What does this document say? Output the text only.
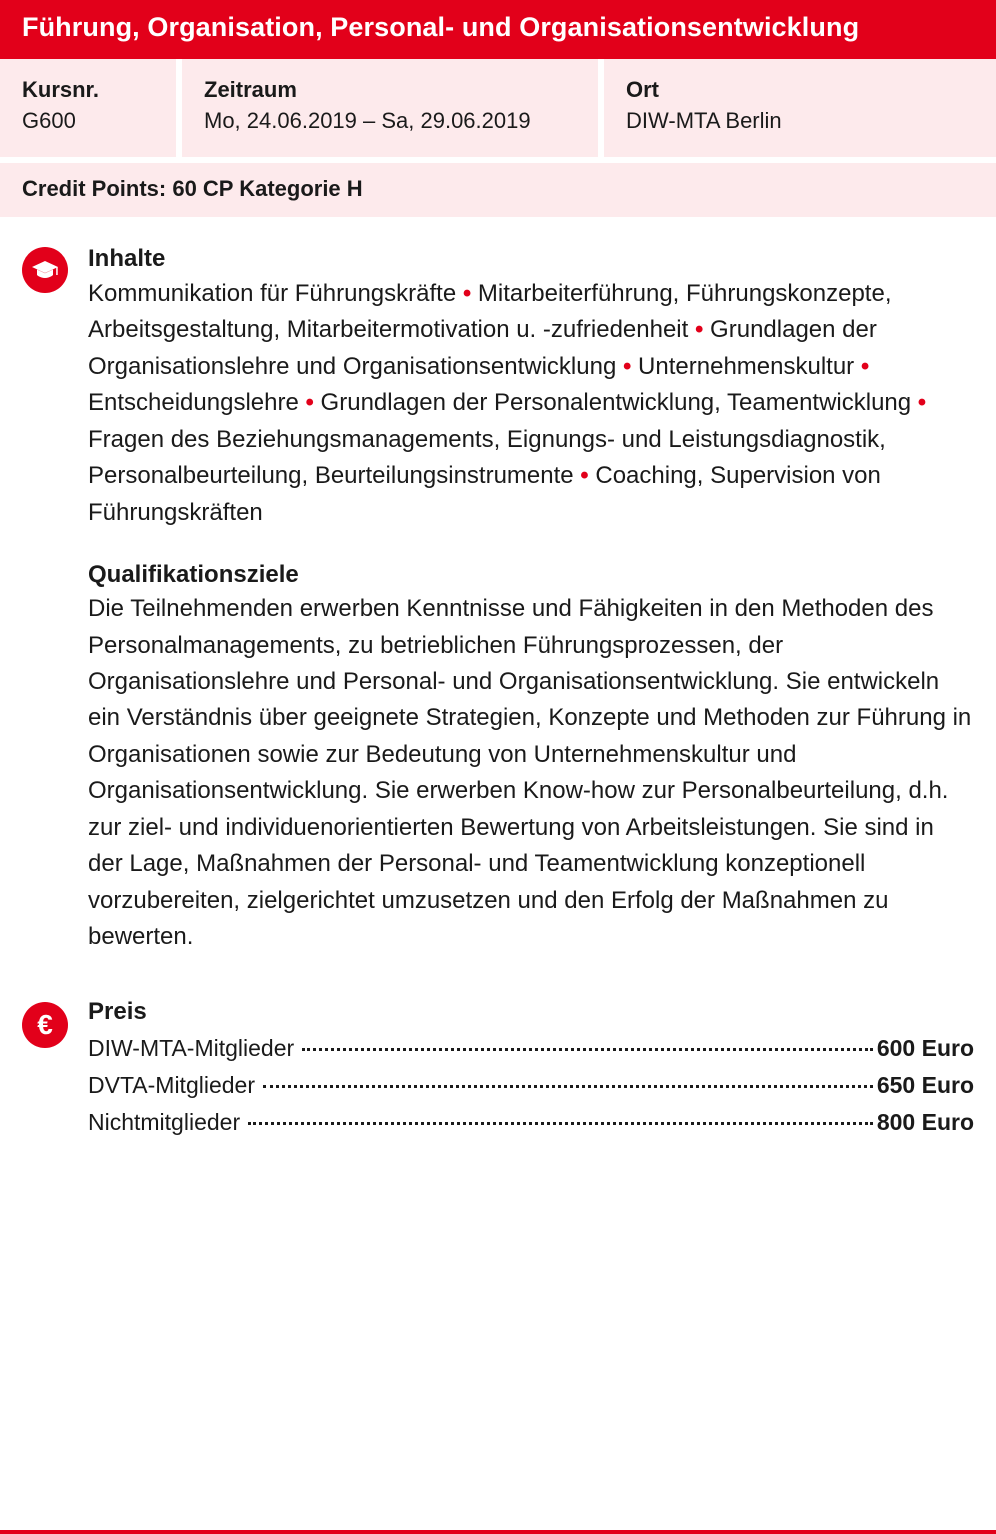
Führung, Organisation, Personal- und Organisationsentwicklung
Kursnr.
G600
Zeitraum
Mo, 24.06.2019 – Sa, 29.06.2019
Ort
DIW-MTA Berlin
Credit Points: 60 CP Kategorie H
Inhalte
Kommunikation für Führungskräfte • Mitarbeiterführung, Führungskonzepte, Arbeitsgestaltung, Mitarbeitermotivation u. -zufriedenheit • Grundlagen der Organisationslehre und Organisationsentwicklung • Unternehmenskultur • Entscheidungslehre • Grundlagen der Personalentwicklung, Teamentwicklung • Fragen des Beziehungsmanagements, Eignungs- und Leistungsdiagnostik, Personalbeurteilung, Beurteilungsinstrumente • Coaching, Supervision von Führungskräften
Qualifikationsziele
Die Teilnehmenden erwerben Kenntnisse und Fähigkeiten in den Methoden des Personalmanagements, zu betrieblichen Führungsprozessen, der Organisationslehre und Personal- und Organisationsentwicklung. Sie entwickeln ein Verständnis über geeignete Strategien, Konzepte und Methoden zur Führung in Organisationen sowie zur Bedeutung von Unternehmenskultur und Organisationsentwicklung. Sie erwerben Know-how zur Personalbeurteilung, d.h. zur ziel- und individuenorientierten Bewertung von Arbeitsleistungen. Sie sind in der Lage, Maßnahmen der Personal- und Teamentwicklung konzeptionell vorzubereiten, zielgerichtet umzusetzen und den Erfolg der Maßnahmen zu bewerten.
€ Preis
DIW-MTA-Mitglieder	600 Euro
DVTA-Mitglieder	650 Euro
Nichtmitglieder	800 Euro
